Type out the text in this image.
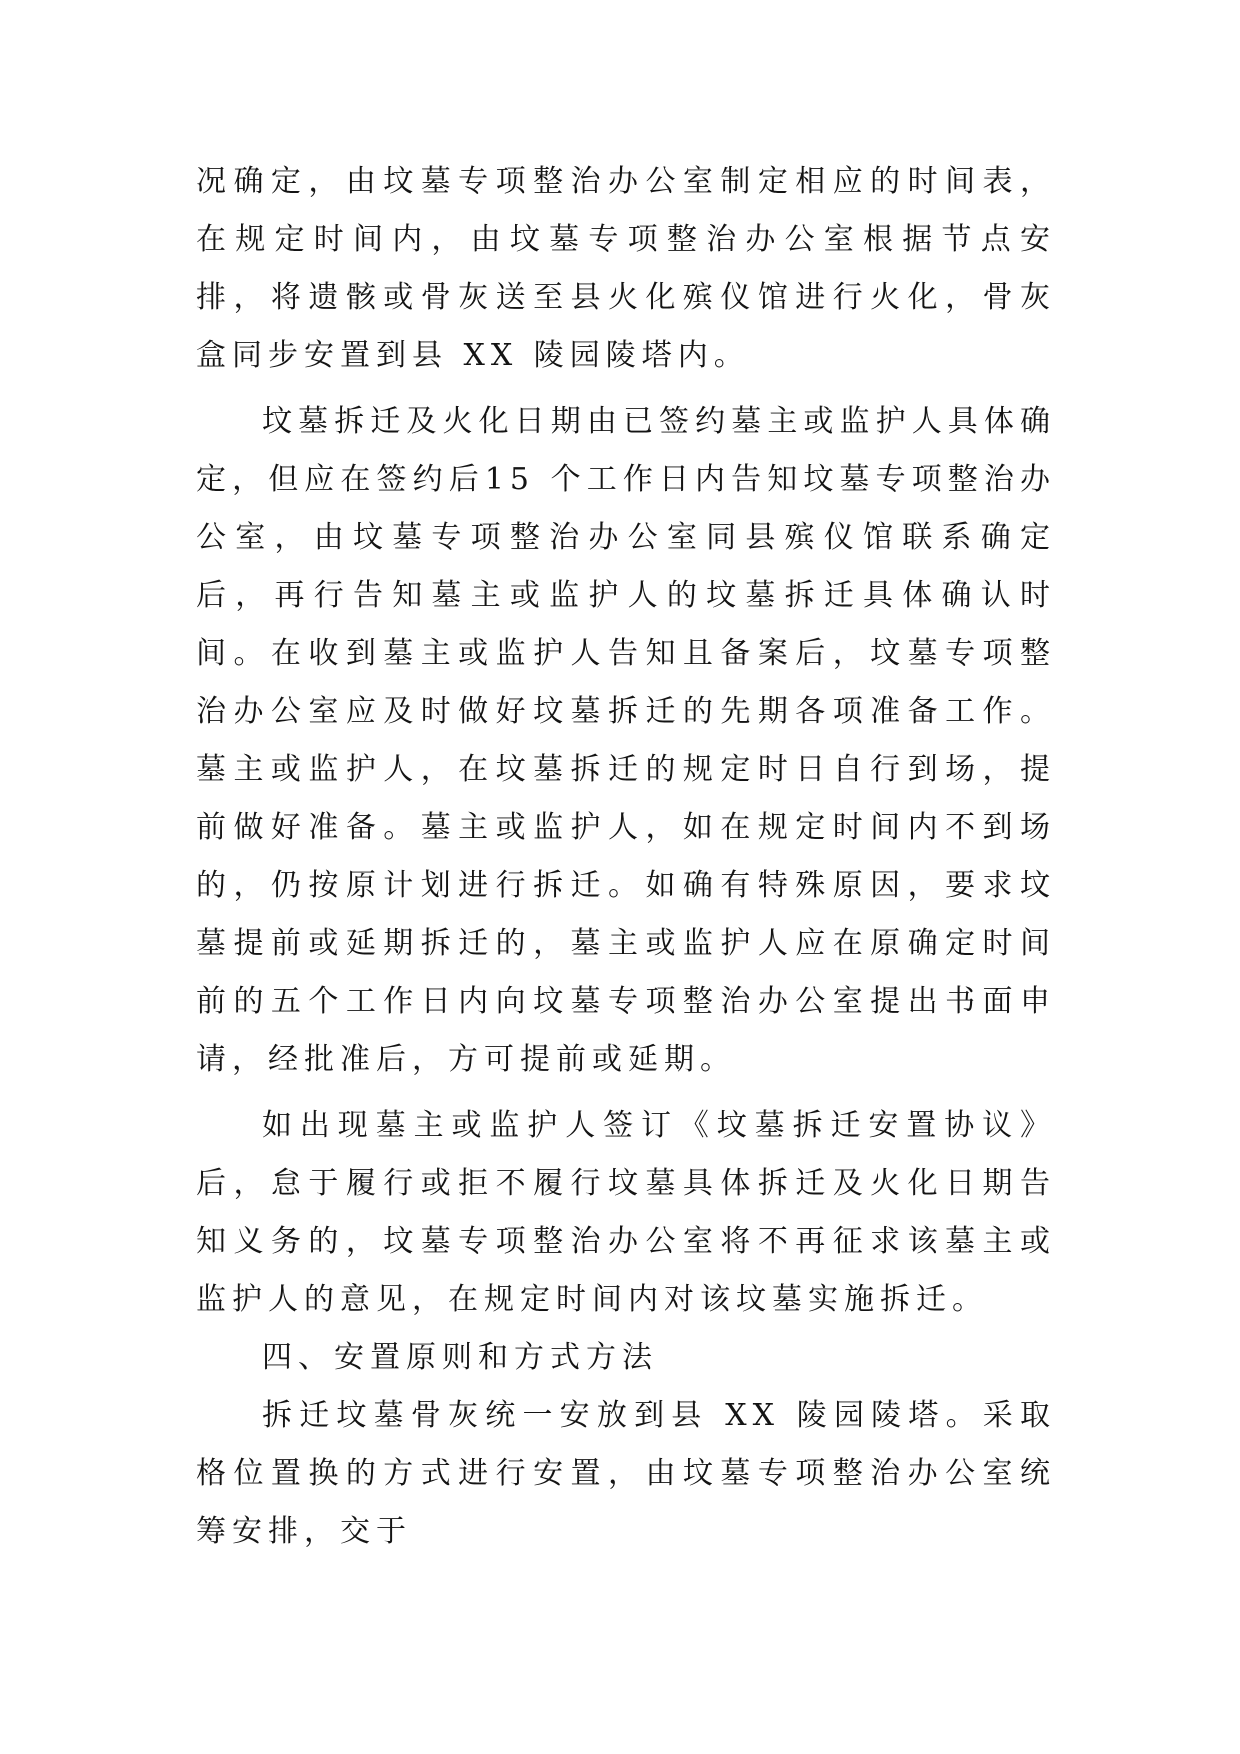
况确定，由坟墓专项整治办公室制定相应的时间表，在规定时间内，由坟墓专项整治办公室根据节点安排，将遗骸或骨灰送至县火化殡仪馆进行火化，骨灰盒同步安置到县 XX 陵园陵塔内。

坟墓拆迁及火化日期由已签约墓主或监护人具体确定，但应在签约后15 个工作日内告知坟墓专项整治办公室，由坟墓专项整治办公室同县殡仪馆联系确定后，再行告知墓主或监护人的坟墓拆迁具体确认时间。在收到墓主或监护人告知且备案后，坟墓专项整治办公室应及时做好坟墓拆迁的先期各项准备工作。墓主或监护人，在坟墓拆迁的规定时日自行到场，提前做好准备。墓主或监护人，如在规定时间内不到场的，仍按原计划进行拆迁。如确有特殊原因，要求坟墓提前或延期拆迁的，墓主或监护人应在原确定时间前的五个工作日内向坟墓专项整治办公室提出书面申请，经批准后，方可提前或延期。

如出现墓主或监护人签订《坟墓拆迁安置协议》后，怠于履行或拒不履行坟墓具体拆迁及火化日期告知义务的，坟墓专项整治办公室将不再征求该墓主或监护人的意见，在规定时间内对该坟墓实施拆迁。

四、安置原则和方式方法

拆迁坟墓骨灰统一安放到县 XX 陵园陵塔。采取格位置换的方式进行安置，由坟墓专项整治办公室统筹安排，交于
